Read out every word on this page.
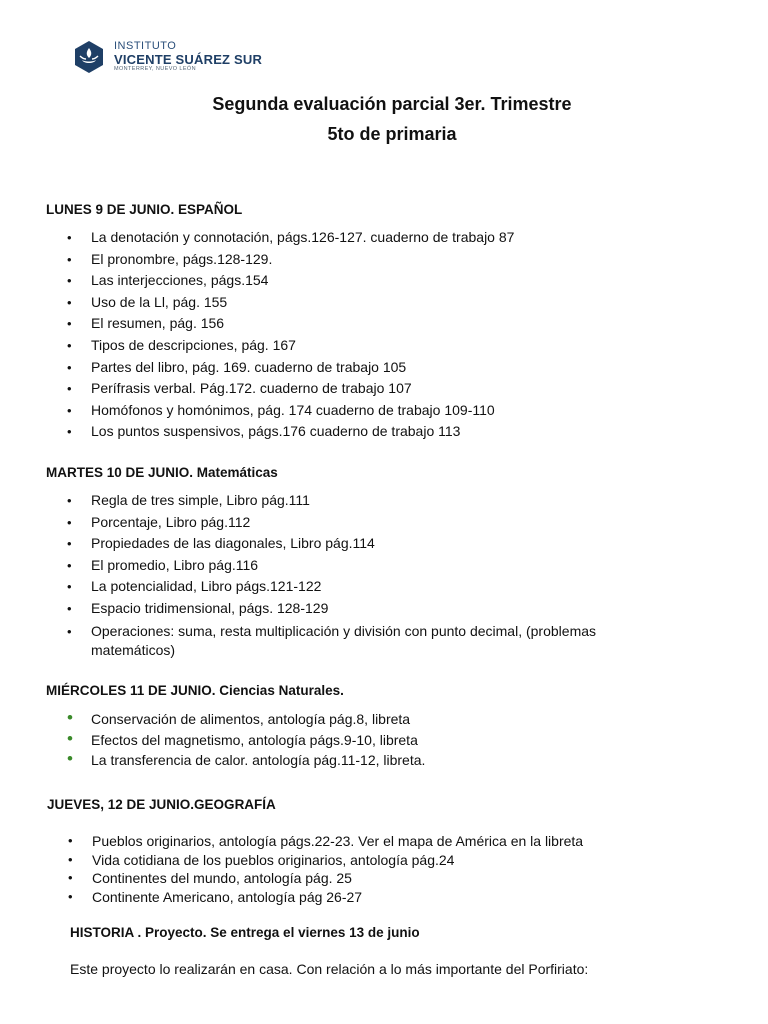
INSTITUTO
VICENTE SUÁREZ SUR
MONTERREY, NUEVO LEÓN
Segunda evaluación parcial 3er. Trimestre
5to de primaria
LUNES 9 DE JUNIO. ESPAÑOL
• La denotación y connotación, págs.126-127. cuaderno de trabajo 87
• El pronombre, págs.128-129.
• Las interjecciones, págs.154
• Uso de la Ll, pág. 155
• El resumen, pág. 156
• Tipos de descripciones, pág. 167
• Partes del libro, pág. 169. cuaderno de trabajo 105
• Perífrasis verbal. Pág.172. cuaderno de trabajo 107
• Homófonos y homónimos, pág. 174 cuaderno de trabajo 109-110
• Los puntos suspensivos, págs.176 cuaderno de trabajo 113
MARTES 10 DE JUNIO. Matemáticas
• Regla de tres simple, Libro pág.111
• Porcentaje, Libro pág.112
• Propiedades de las diagonales, Libro pág.114
• El promedio, Libro pág.116
• La potencialidad, Libro págs.121-122
• Espacio tridimensional, págs. 128-129
• Operaciones: suma, resta multiplicación y división con punto decimal, (problemas matemáticos)
MIÉRCOLES 11 DE JUNIO. Ciencias Naturales.
• Conservación de alimentos, antología pág.8, libreta
• Efectos del magnetismo, antología págs.9-10, libreta
• La transferencia de calor. antología pág.11-12, libreta.
JUEVES, 12 DE JUNIO.GEOGRAFÍA
• Pueblos originarios, antología págs.22-23. Ver el mapa de América en la libreta
• Vida cotidiana de los pueblos originarios, antología pág.24
• Continentes del mundo, antología pág. 25
• Continente Americano, antología pág 26-27
HISTORIA . Proyecto. Se entrega el viernes 13 de junio
Este proyecto lo realizarán en casa. Con relación a lo más importante del Porfiriato:
